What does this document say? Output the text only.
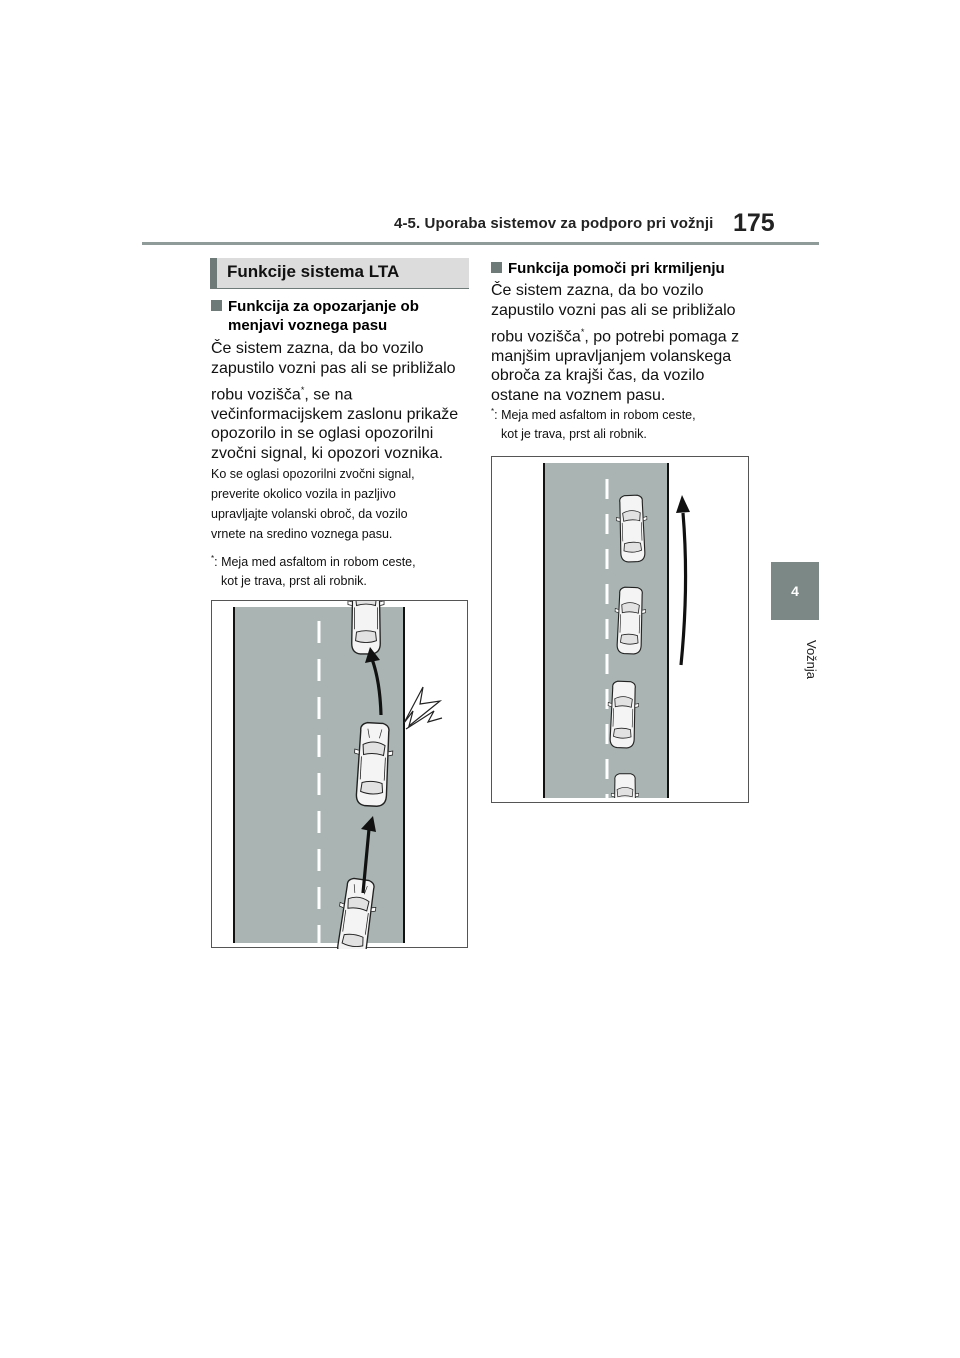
4-5. Uporaba sistemov za podporo pri vožnji 175
4
Vožnja
Funkcije sistema LTA
Funkcija za opozarjanje ob
menjavi voznega pasu
Če sistem zazna, da bo vozilo
zapustilo vozni pas ali se približalo
robu vozišča*, se na
večinformacijskem zaslonu prikaže
opozorilo in se oglasi opozorilni
zvočni signal, ki opozori voznika.
Ko se oglasi opozorilni zvočni signal,
preverite okolico vozila in pazljivo
upravljajte volanski obroč, da vozilo
vrnete na sredino voznega pasu.
*: Meja med asfaltom in robom ceste,
kot je trava, prst ali robnik.
Funkcija pomoči pri krmiljenju
Če sistem zazna, da bo vozilo
zapustilo vozni pas ali se približalo
robu vozišča*, po potrebi pomaga z
manjšim upravljanjem volanskega
obroča za krajši čas, da vozilo
ostane na voznem pasu.
*: Meja med asfaltom in robom ceste,
kot je trava, prst ali robnik.
